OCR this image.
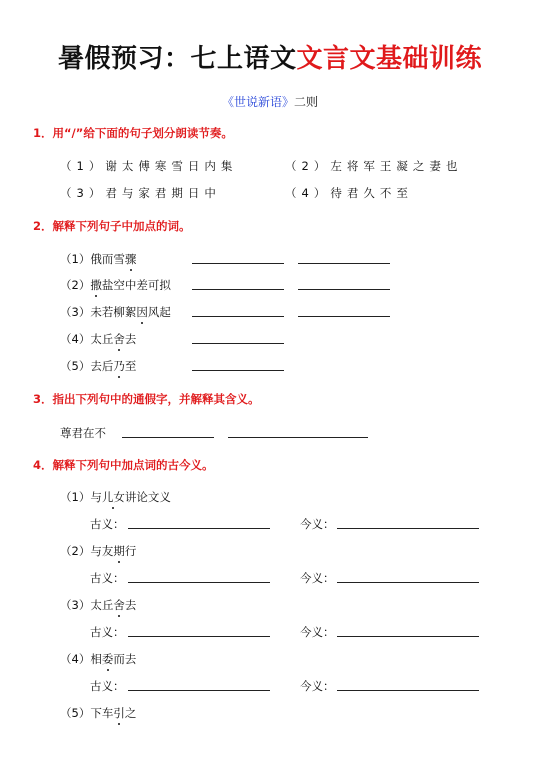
暑假预习：七上语文文言文基础训练
《世说新语》二则
1．用“/”给下面的句子划分朗读节奏。
（1）谢太傅寒雪日内集	（2）左将军王凝之妻也
（3）君与家君期日中	（4）待君久不至
2．解释下列句子中加点的词。
（1）俄而雪骤
（2）撒盐空中差可拟
（3）未若柳絮因风起
（4）太丘舍去
（5）去后乃至
3．指出下列句中的通假字，并解释其含义。
尊君在不
4．解释下列句中加点词的古今义。
（1）与儿女讲论文义
古义：	今义：
（2）与友期行
古义：	今义：
（3）太丘舍去
古义：	今义：
（4）相委而去
古义：	今义：
（5）下车引之
